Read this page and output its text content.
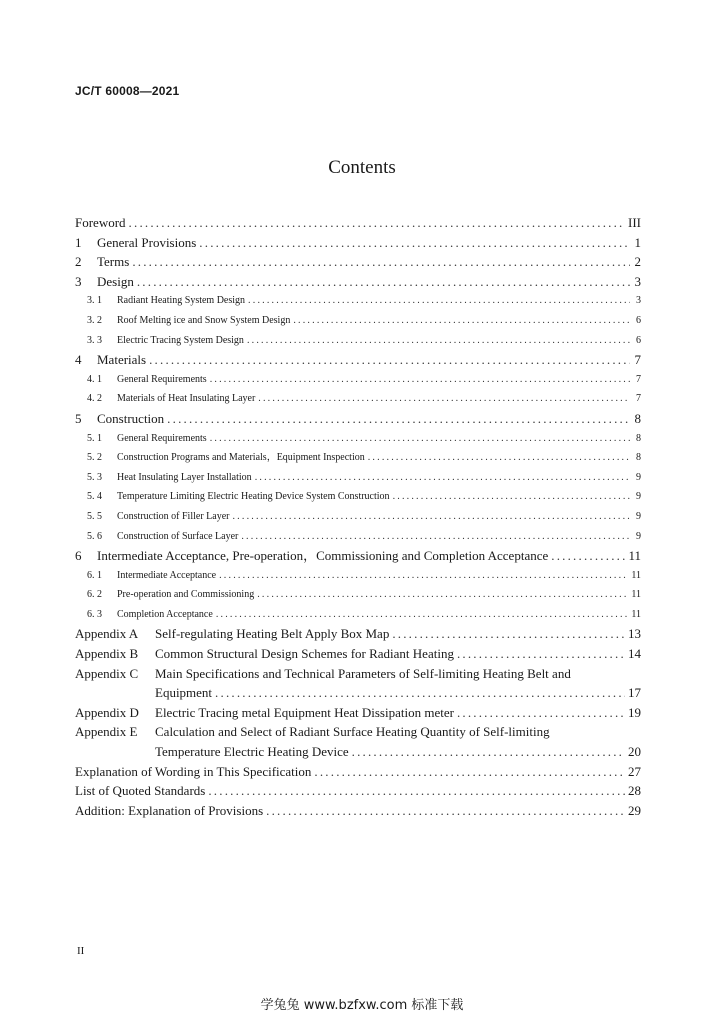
JC/T 60008—2021
Contents
Foreword .....	III
1	General Provisions .....	1
2	Terms .....	2
3	Design .....	3
3. 1	Radiant Heating System Design .....	3
3. 2	Roof Melting ice and Snow System Design .....	6
3. 3	Electric Tracing System Design .....	6
4	Materials .....	7
4. 1	General Requirements .....	7
4. 2	Materials of Heat Insulating Layer .....	7
5	Construction .....	8
5. 1	General Requirements .....	8
5. 2	Construction Programs and Materials，Equipment Inspection .....	8
5. 3	Heat Insulating Layer Installation .....	9
5. 4	Temperature Limiting Electric Heating Device System Construction .....	9
5. 5	Construction of Filler Layer .....	9
5. 6	Construction of Surface Layer .....	9
6	Intermediate Acceptance, Pre-operation，Commissioning and Completion Acceptance .....	11
6. 1	Intermediate Acceptance .....	11
6. 2	Pre-operation and Commissioning .....	11
6. 3	Completion Acceptance .....	11
Appendix A	Self-regulating Heating Belt Apply Box Map .....	13
Appendix B	Common Structural Design Schemes for Radiant Heating .....	14
Appendix C	Main Specifications and Technical Parameters of Self-limiting Heating Belt and
Equipment .....	17
Appendix D	Electric Tracing metal Equipment Heat Dissipation meter .....	19
Appendix E	Calculation and Select of Radiant Surface Heating Quantity of Self-limiting
Temperature Electric Heating Device .....	20
Explanation of Wording in This Specification .....	27
List of Quoted Standards .....	28
Addition: Explanation of Provisions .....	29
II
学兔兔 www.bzfxw.com 标准下载
